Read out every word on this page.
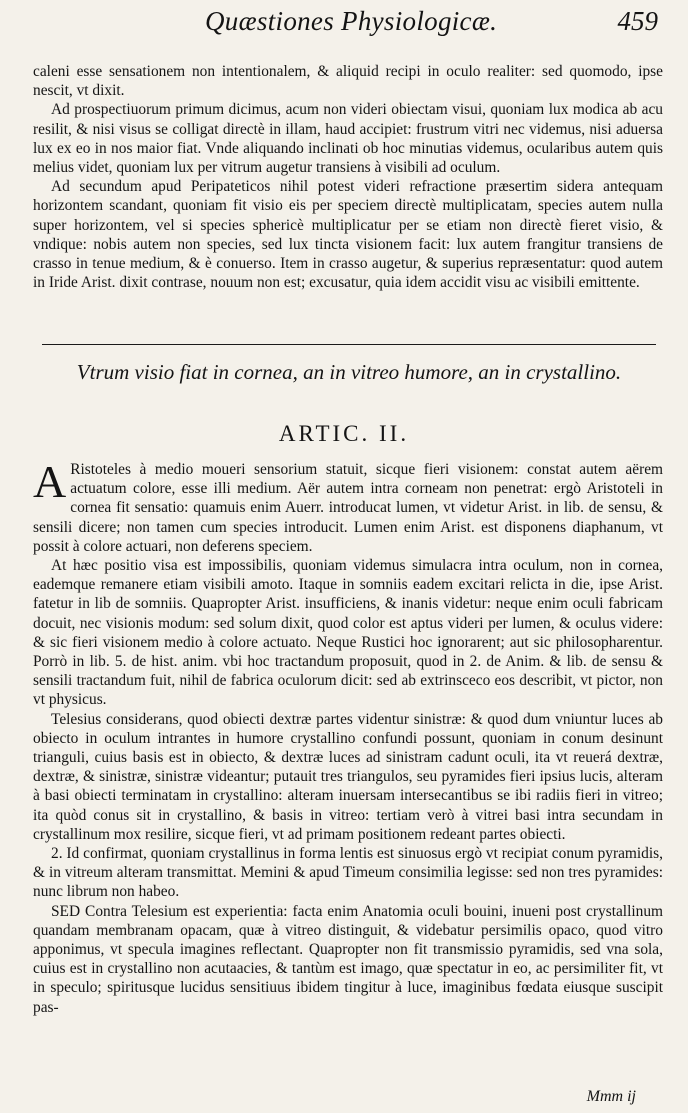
Quæstiones Physiologicæ.	459

caleni esse sensationem non intentionalem, & aliquid recipi in oculo realiter: sed quomodo, ipse nescit, vt dixit.

Ad prospectiuorum primum dicimus, acum non videri obiectam visui, quoniam lux modica ab acu resilit, & nisi visus se colligat directè in illam, haud accipiet: frustrum vitri nec videmus, nisi aduersa lux ex eo in nos maior fiat. Vnde aliquando inclinati ob hoc minutias videmus, ocularibus autem quis melius videt, quoniam lux per vitrum augetur transiens à visibili ad oculum.

Ad secundum apud Peripateticos nihil potest videri refractione præsertim sidera antequam horizontem scandant, quoniam fit visio eis per speciem directè multiplicatam, species autem nulla super horizontem, vel si species sphericè multiplicatur per se etiam non directè fieret visio, & vndique: nobis autem non species, sed lux tincta visionem facit: lux autem frangitur transiens de crasso in tenue medium, & è conuerso. Item in crasso augetur, & superius repræsentatur: quod autem in Iride Arist. dixit contrase, nouum non est; excusatur, quia idem accidit visu ac visibili emittente.

Vtrum visio fiat in cornea, an in vitreo humore, an in crystallino.
ARTIC. II.

A Ristoteles à medio moueri sensorium statuit, sicque fieri visionem: constat autem aërem actuatum colore, esse illi medium. Aër autem intra corneam non penetrat: ergò Aristoteli in cornea fit sensatio: quamuis enim Auerr. introducat lumen, vt videtur Arist. in lib. de sensu, & sensili dicere; non tamen cum species introducit. Lumen enim Arist. est disponens diaphanum, vt possit à colore actuari, non deferens speciem.

At hæc positio visa est impossibilis, quoniam videmus simulacra intra oculum, non in cornea, eademque remanere etiam visibili amoto. Itaque in somniis eadem excitari relicta in die, ipse Arist. fatetur in lib de somniis. Quapropter Arist. insufficiens, & inanis videtur: neque enim oculi fabricam docuit, nec visionis modum: sed solum dixit, quod color est aptus videri per lumen, & oculus videre: & sic fieri visionem medio à colore actuato. Neque Rustici hoc ignorarent; aut sic philosopharentur. Porrò in lib. 5. de hist. anim. vbi hoc tractandum proposuit, quod in 2. de Anim. & lib. de sensu & sensili tractandum fuit, nihil de fabrica oculorum dicit: sed ab extrinsceco eos describit, vt pictor, non vt physicus.

Telesius considerans, quod obiecti dextræ partes videntur sinistræ: & quod dum vniuntur luces ab obiecto in oculum intrantes in humore crystallino confundi possunt, quoniam in conum desinunt trianguli, cuius basis est in obiecto, & dextræ luces ad sinistram cadunt oculi, ita vt reuerá dextræ, dextræ, & sinistræ, sinistræ videantur; putauit tres triangulos, seu pyramides fieri ipsius lucis, alteram à basi obiecti terminatam in crystallino: alteram inuersam intersecantibus se ibi radiis fieri in vitreo; ita quòd conus sit in crystallino, & basis in vitreo: tertiam verò à vitrei basi intra secundam in crystallinum mox resilire, sicque fieri, vt ad primam positionem redeant partes obiecti.

2. Id confirmat, quoniam crystallinus in forma lentis est sinuosus ergò vt recipiat conum pyramidis, & in vitreum alteram transmittat. Memini & apud Timeum consimilia legisse: sed non tres pyramides: nunc librum non habeo.

SED Contra Telesium est experientia: facta enim Anatomia oculi bouini, inueni post crystallinum quandam membranam opacam, quæ à vitreo distinguit, & videbatur persimilis opaco, quod vitro apponimus, vt specula imagines reflectant. Quapropter non fit transmissio pyramidis, sed vna sola, cuius est in crystallino non acutaacies, & tantùm est imago, quæ spectatur in eo, ac persimiliter fit, vt in speculo; spiritusque lucidus sensitiuus ibidem tingitur à luce, imaginibus fœdata eiusque suscipit pas-

Mmm ij
